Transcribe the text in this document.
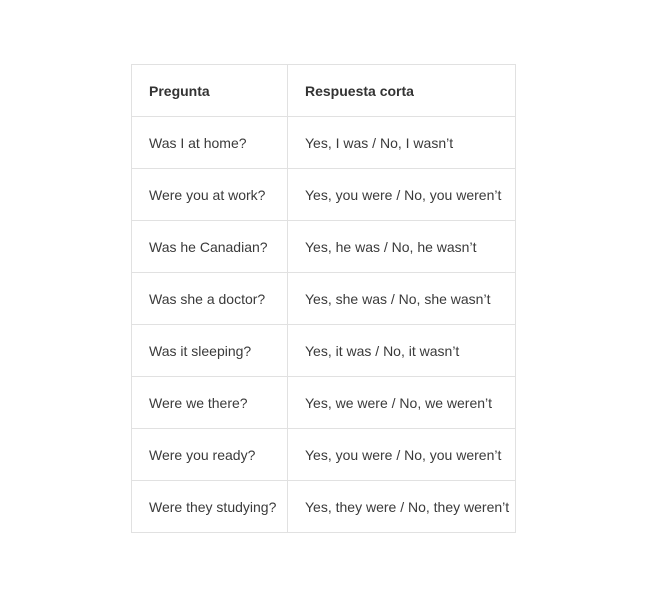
Pregunta	Respuesta corta
Was I at home?	Yes, I was / No, I wasn’t
Were you at work?	Yes, you were / No, you weren’t
Was he Canadian?	Yes, he was / No, he wasn’t
Was she a doctor?	Yes, she was / No, she wasn’t
Was it sleeping?	Yes, it was / No, it wasn’t
Were we there?	Yes, we were / No, we weren’t
Were you ready?	Yes, you were / No, you weren’t
Were they studying?	Yes, they were / No, they weren’t
